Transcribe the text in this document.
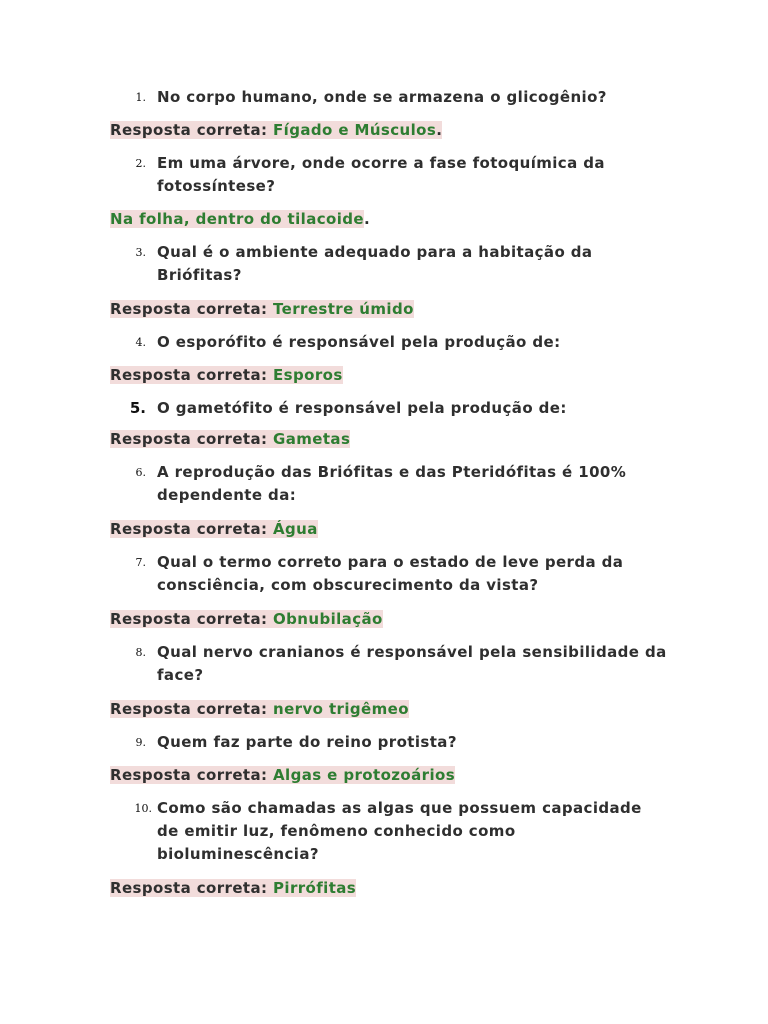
1. No corpo humano, onde se armazena o glicogênio?
Resposta correta: Fígado e Músculos.
2. Em uma árvore, onde ocorre a fase fotoquímica da fotossíntese?
Na folha, dentro do tilacoide.
3. Qual é o ambiente adequado para a habitação da Briófitas?
Resposta correta: Terrestre úmido
4. O esporófito é responsável pela produção de:
Resposta correta: Esporos
5. O gametófito é responsável pela produção de:
Resposta correta: Gametas
6. A reprodução das Briófitas e das Pteridófitas é 100% dependente da:
Resposta correta: Água
7. Qual o termo correto para o estado de leve perda da consciência, com obscurecimento da vista?
Resposta correta: Obnubilação
8. Qual nervo cranianos é responsável pela sensibilidade da face?
Resposta correta: nervo trigêmeo
9. Quem faz parte do reino protista?
Resposta correta: Algas e protozoários
10. Como são chamadas as algas que possuem capacidade de emitir luz, fenômeno conhecido como bioluminescência?
Resposta correta: Pirrófitas
